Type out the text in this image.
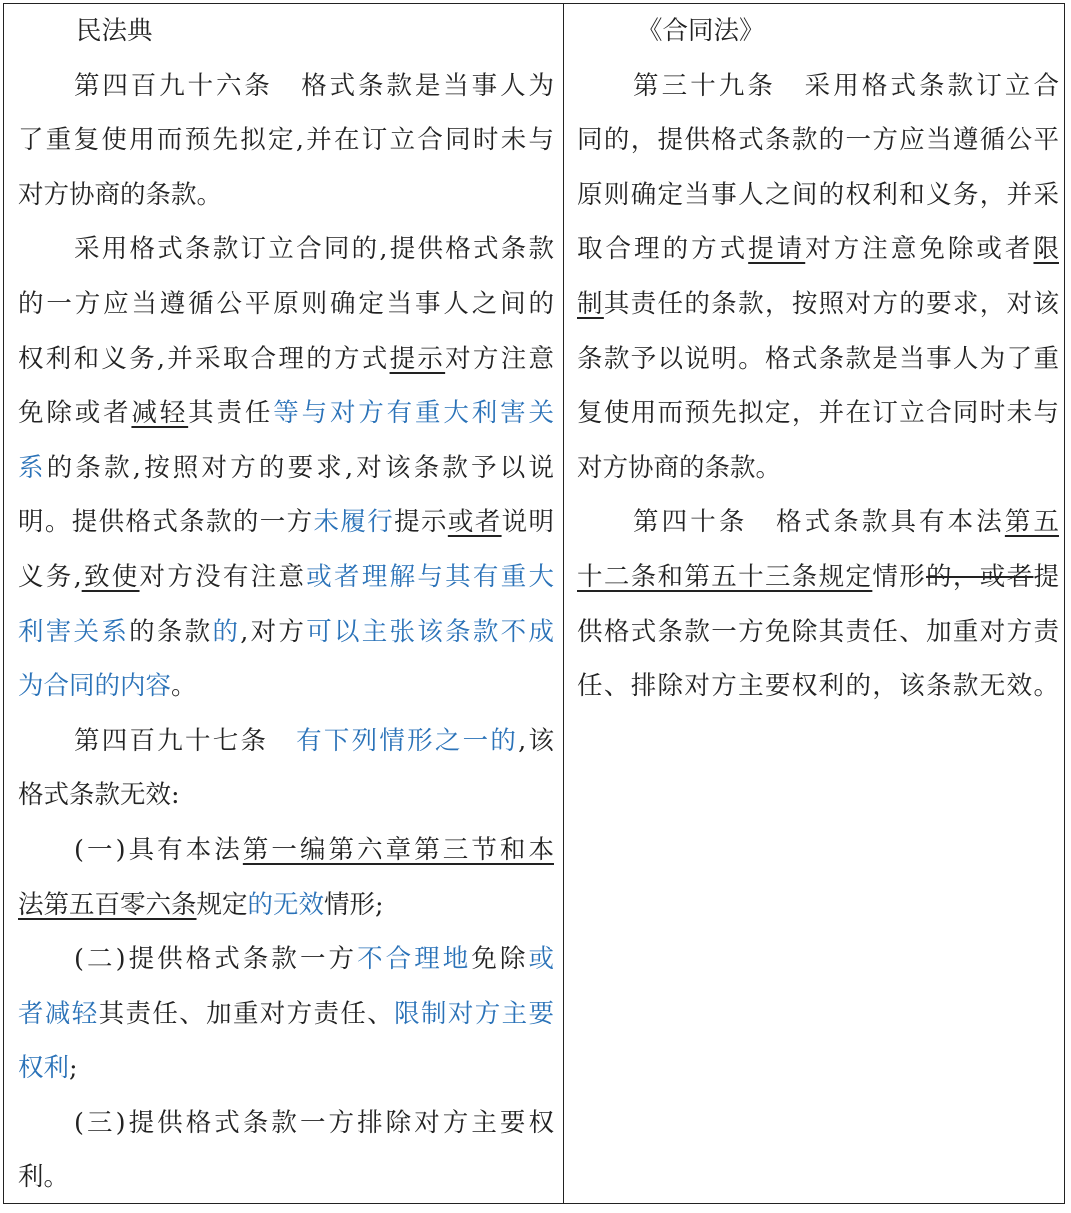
民法典
第四百九十六条　格式条款是当事人为
了重复使用而预先拟定,并在订立合同时未与
对方协商的条款。
采用格式条款订立合同的,提供格式条款
的一方应当遵循公平原则确定当事人之间的
权利和义务,并采取合理的方式提示对方注意
免除或者减轻其责任等与对方有重大利害关
系的条款,按照对方的要求,对该条款予以说
明。提供格式条款的一方未履行提示或者说明
义务,致使对方没有注意或者理解与其有重大
利害关系的条款的,对方可以主张该条款不成
为合同的内容。
第四百九十七条　有下列情形之一的,该
格式条款无效:
(一)具有本法第一编第六章第三节和本
法第五百零六条规定的无效情形;
(二)提供格式条款一方不合理地免除或
者减轻其责任、加重对方责任、限制对方主要
权利;
(三)提供格式条款一方排除对方主要权
利。
《合同法》
第三十九条　采用格式条款订立合
同的，提供格式条款的一方应当遵循公平
原则确定当事人之间的权利和义务，并采
取合理的方式提请对方注意免除或者限
制其责任的条款，按照对方的要求，对该
条款予以说明。格式条款是当事人为了重
复使用而预先拟定，并在订立合同时未与
对方协商的条款。
第四十条　格式条款具有本法第五
十二条和第五十三条规定情形的，或者提
供格式条款一方免除其责任、加重对方责
任、排除对方主要权利的，该条款无效。
